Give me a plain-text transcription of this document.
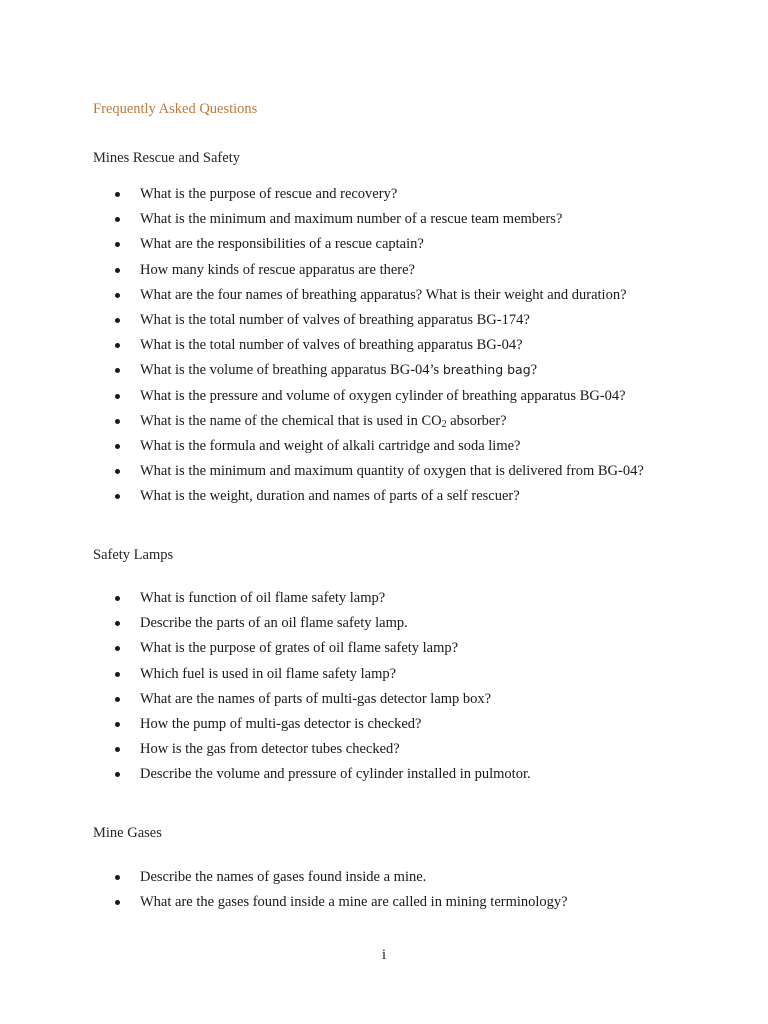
Frequently Asked Questions
Mines Rescue and Safety
What is the purpose of rescue and recovery?
What is the minimum and maximum number of a rescue team members?
What are the responsibilities of a rescue captain?
How many kinds of rescue apparatus are there?
What are the four names of breathing apparatus? What is their weight and duration?
What is the total number of valves of breathing apparatus BG-174?
What is the total number of valves of breathing apparatus BG-04?
What is the volume of breathing apparatus BG-04’s breathing bag?
What is the pressure and volume of oxygen cylinder of breathing apparatus BG-04?
What is the name of the chemical that is used in $CO_2$ absorber?
What is the formula and weight of alkali cartridge and soda lime?
What is the minimum and maximum quantity of oxygen that is delivered from BG-04?
What is the weight, duration and names of parts of a self rescuer?
Safety Lamps
What is function of oil flame safety lamp?
Describe the parts of an oil flame safety lamp.
What is the purpose of grates of oil flame safety lamp?
Which fuel is used in oil flame safety lamp?
What are the names of parts of multi-gas detector lamp box?
How the pump of multi-gas detector is checked?
How is the gas from detector tubes checked?
Describe the volume and pressure of cylinder installed in pulmotor.
Mine Gases
Describe the names of gases found inside a mine.
What are the gases found inside a mine are called in mining terminology?
i
